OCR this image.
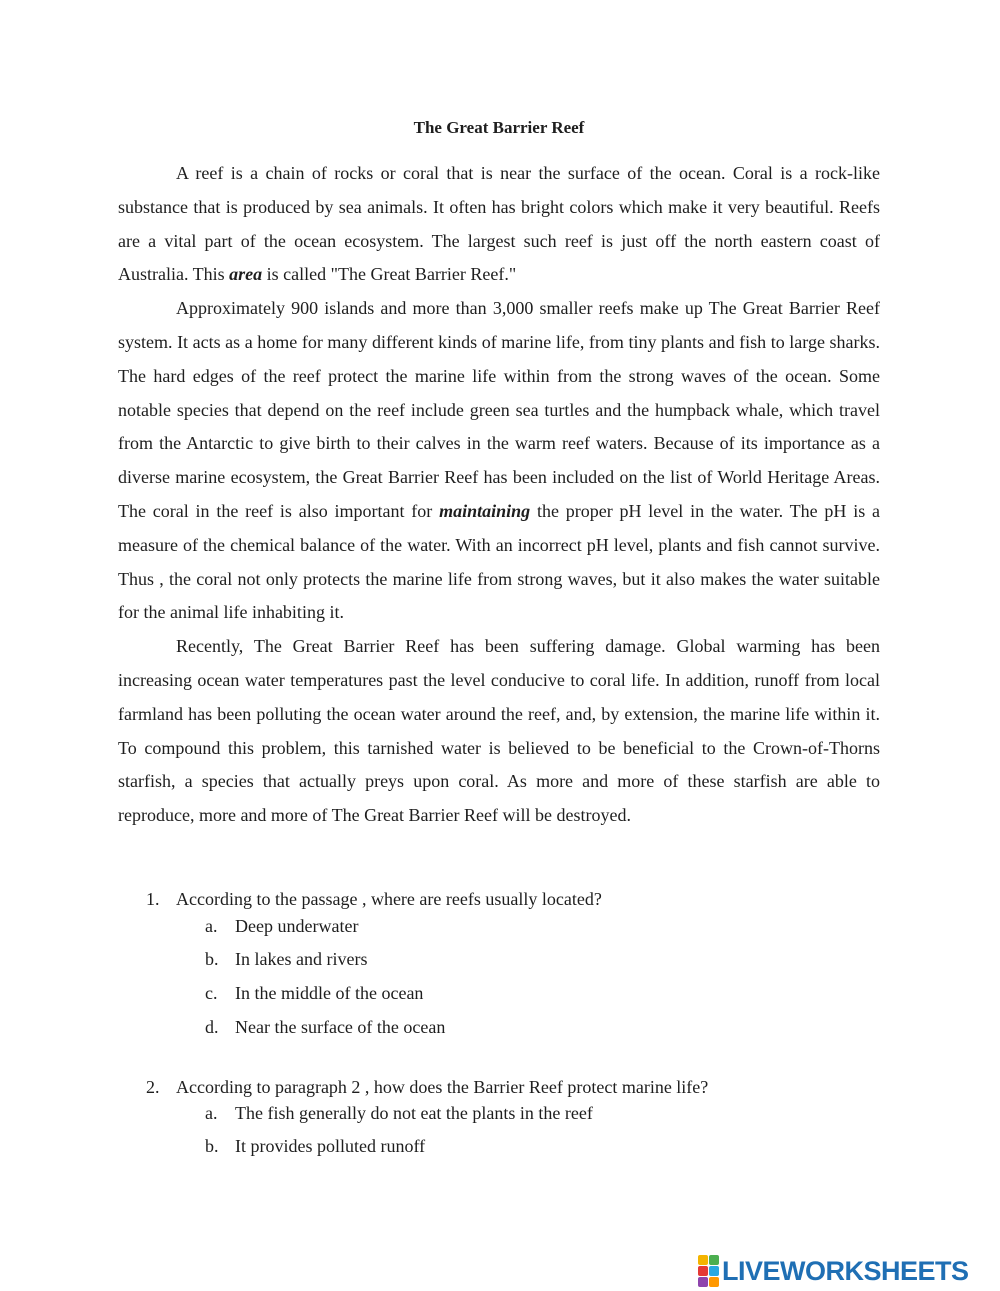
The Great Barrier Reef

A reef is a chain of rocks or coral that is near the surface of the ocean. Coral is a rock-like substance that is produced by sea animals. It often has bright colors which make it very beautiful. Reefs are a vital part of the ocean ecosystem. The largest such reef is just off the north eastern coast of Australia. This area is called "The Great Barrier Reef."

Approximately 900 islands and more than 3,000 smaller reefs make up The Great Barrier Reef system. It acts as a home for many different kinds of marine life, from tiny plants and fish to large sharks. The hard edges of the reef protect the marine life within from the strong waves of the ocean. Some notable species that depend on the reef include green sea turtles and the humpback whale, which travel from the Antarctic to give birth to their calves in the warm reef waters. Because of its importance as a diverse marine ecosystem, the Great Barrier Reef has been included on the list of World Heritage Areas. The coral in the reef is also important for maintaining the proper pH level in the water. The pH is a measure of the chemical balance of the water. With an incorrect pH level, plants and fish cannot survive. Thus , the coral not only protects the marine life from strong waves, but it also makes the water suitable for the animal life inhabiting it.

Recently, The Great Barrier Reef has been suffering damage. Global warming has been increasing ocean water temperatures past the level conducive to coral life. In addition, runoff from local farmland has been polluting the ocean water around the reef, and, by extension, the marine life within it. To compound this problem, this tarnished water is believed to be beneficial to the Crown-of-Thorns starfish, a species that actually preys upon coral. As more and more of these starfish are able to reproduce, more and more of The Great Barrier Reef will be destroyed.

1. According to the passage , where are reefs usually located?
a. Deep underwater
b. In lakes and rivers
c. In the middle of the ocean
d. Near the surface of the ocean
2. According to paragraph 2 , how does the Barrier Reef protect marine life?
a. The fish generally do not eat the plants in the reef
b. It provides polluted runoff
LIVEWORKSHEETS
